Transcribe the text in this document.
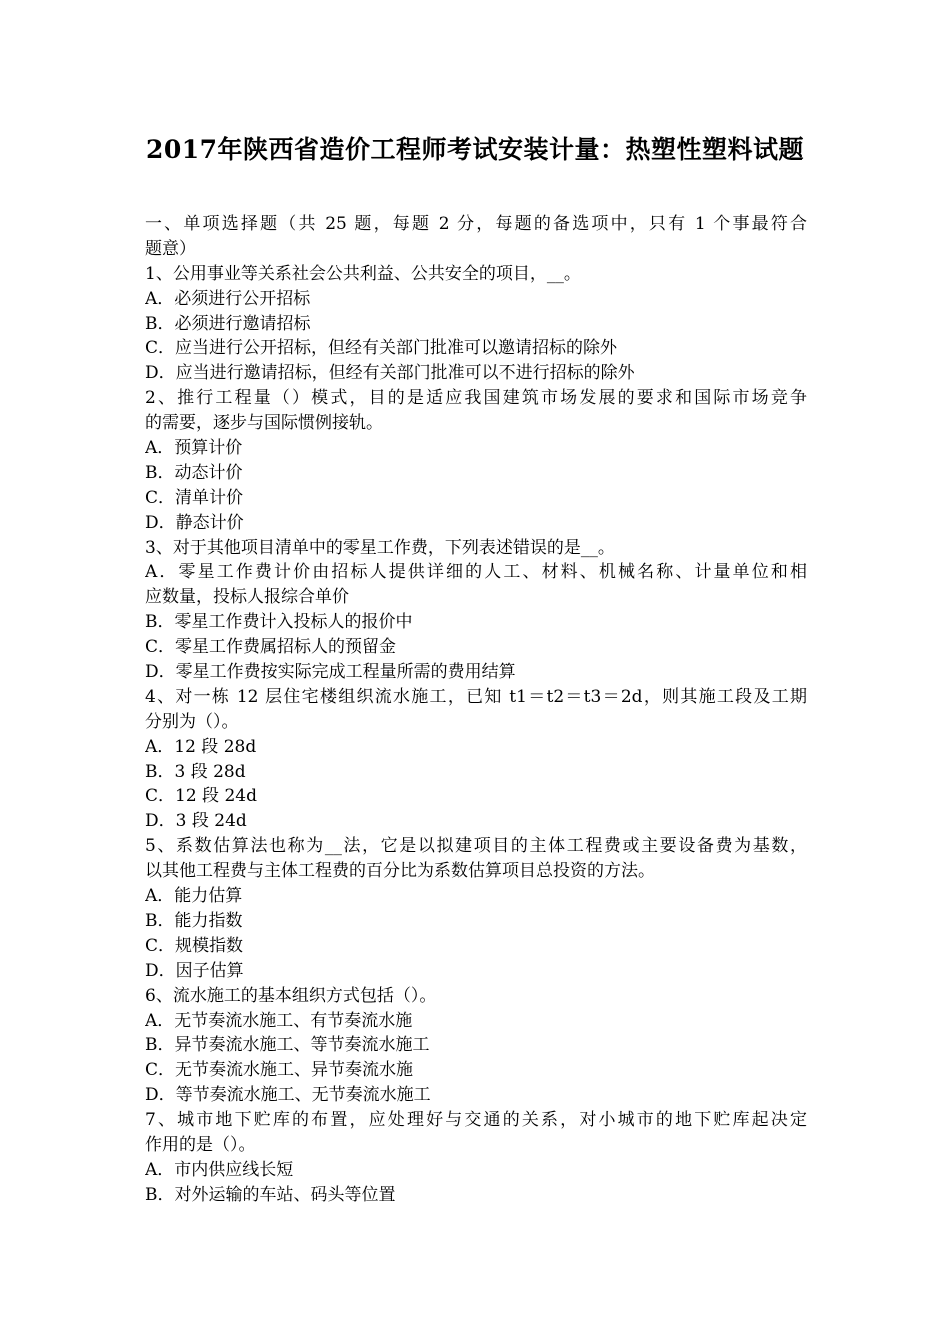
2017年陕西省造价工程师考试安装计量：热塑性塑料试题
一、单项选择题（共 25 题，每题 2 分，每题的备选项中，只有 1 个事最符合
题意）
1、公用事业等关系社会公共利益、公共安全的项目，__。
A．必须进行公开招标
B．必须进行邀请招标
C．应当进行公开招标，但经有关部门批准可以邀请招标的除外
D．应当进行邀请招标，但经有关部门批准可以不进行招标的除外
2、推行工程量（）模式，目的是适应我国建筑市场发展的要求和国际市场竞争
的需要，逐步与国际惯例接轨。
A．预算计价
B．动态计价
C．清单计价
D．静态计价
3、对于其他项目清单中的零星工作费，下列表述错误的是__。
A．零星工作费计价由招标人提供详细的人工、材料、机械名称、计量单位和相
应数量，投标人报综合单价
B．零星工作费计入投标人的报价中
C．零星工作费属招标人的预留金
D．零星工作费按实际完成工程量所需的费用结算
4、对一栋 12 层住宅楼组织流水施工，已知 t1＝t2＝t3＝2d，则其施工段及工期
分别为（）。
A．12 段 28d
B．3 段 28d
C．12 段 24d
D．3 段 24d
5、系数估算法也称为__法，它是以拟建项目的主体工程费或主要设备费为基数，
以其他工程费与主体工程费的百分比为系数估算项目总投资的方法。
A．能力估算
B．能力指数
C．规模指数
D．因子估算
6、流水施工的基本组织方式包括（）。
A．无节奏流水施工、有节奏流水施
B．异节奏流水施工、等节奏流水施工
C．无节奏流水施工、异节奏流水施
D．等节奏流水施工、无节奏流水施工
7、城市地下贮库的布置，应处理好与交通的关系，对小城市的地下贮库起决定
作用的是（）。
A．市内供应线长短
B．对外运输的车站、码头等位置
